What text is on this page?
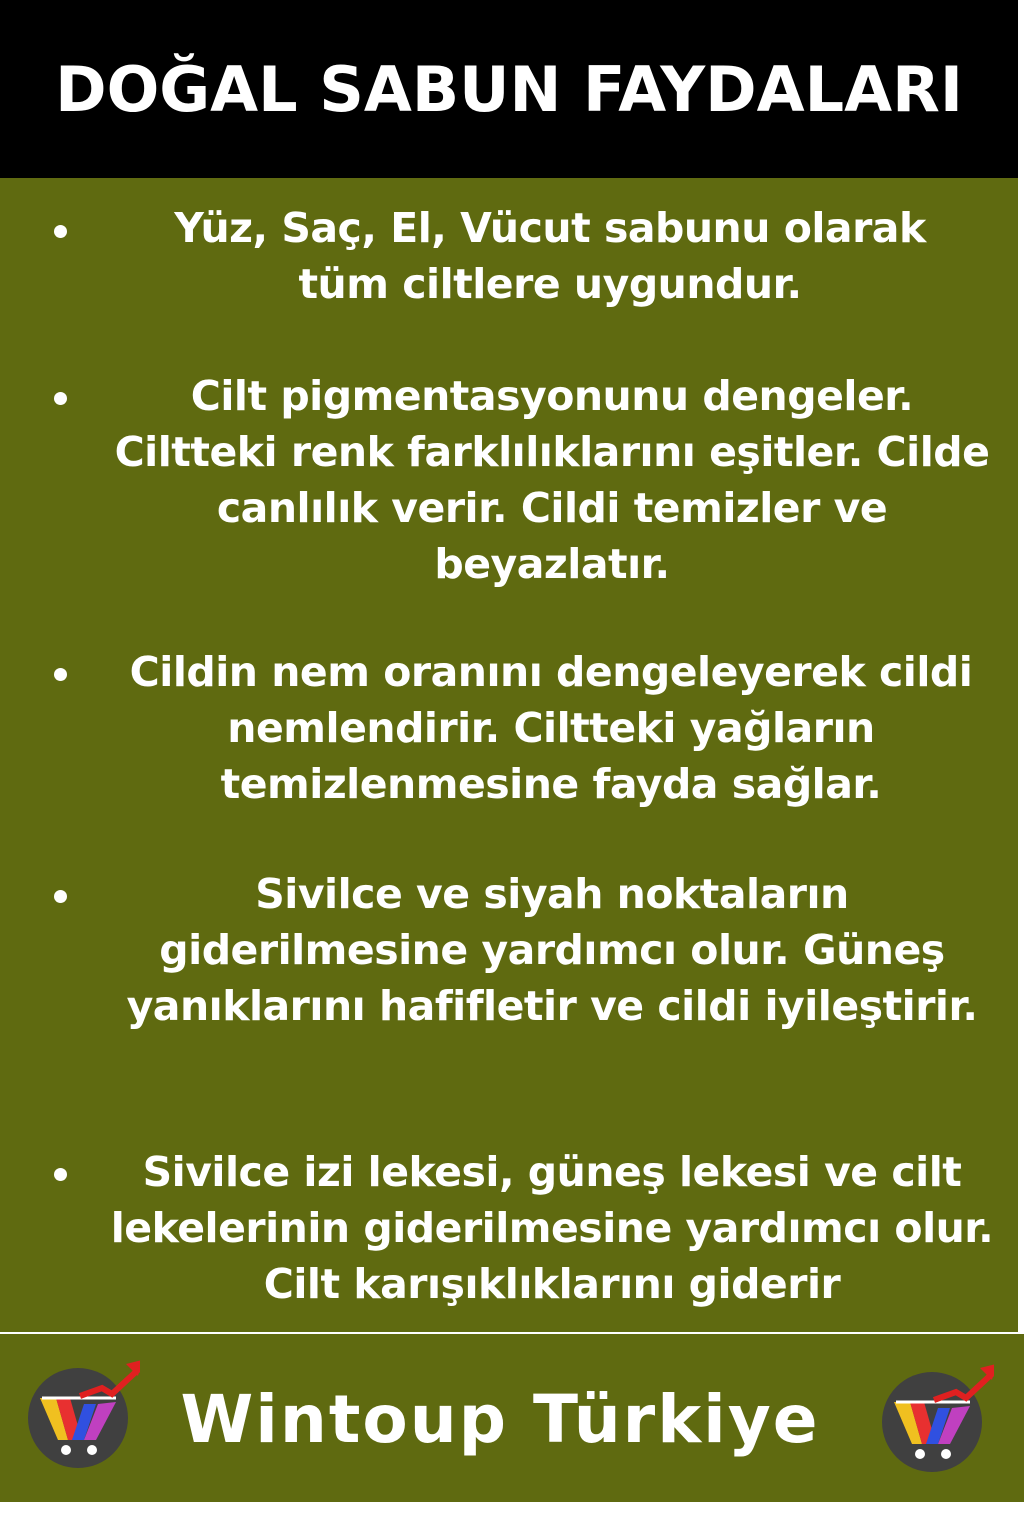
DOĞAL SABUN FAYDALARI
Yüz, Saç, El, Vücut sabunu olarak tüm ciltlere uygundur.
Cilt pigmentasyonunu dengeler. Ciltteki renk farklılıklarını eşitler. Cilde canlılık verir. Cildi temizler ve beyazlatır.
Cildin nem oranını dengeleyerek cildi nemlendirir. Ciltteki yağların temizlenmesine fayda sağlar.
Sivilce ve siyah noktaların giderilmesine yardımcı olur. Güneş yanıklarını hafifletir ve cildi iyileştirir.
Sivilce izi lekesi, güneş lekesi ve cilt lekelerinin giderilmesine yardımcı olur. Cilt karışıklıklarını giderir
Wintoup Türkiye
